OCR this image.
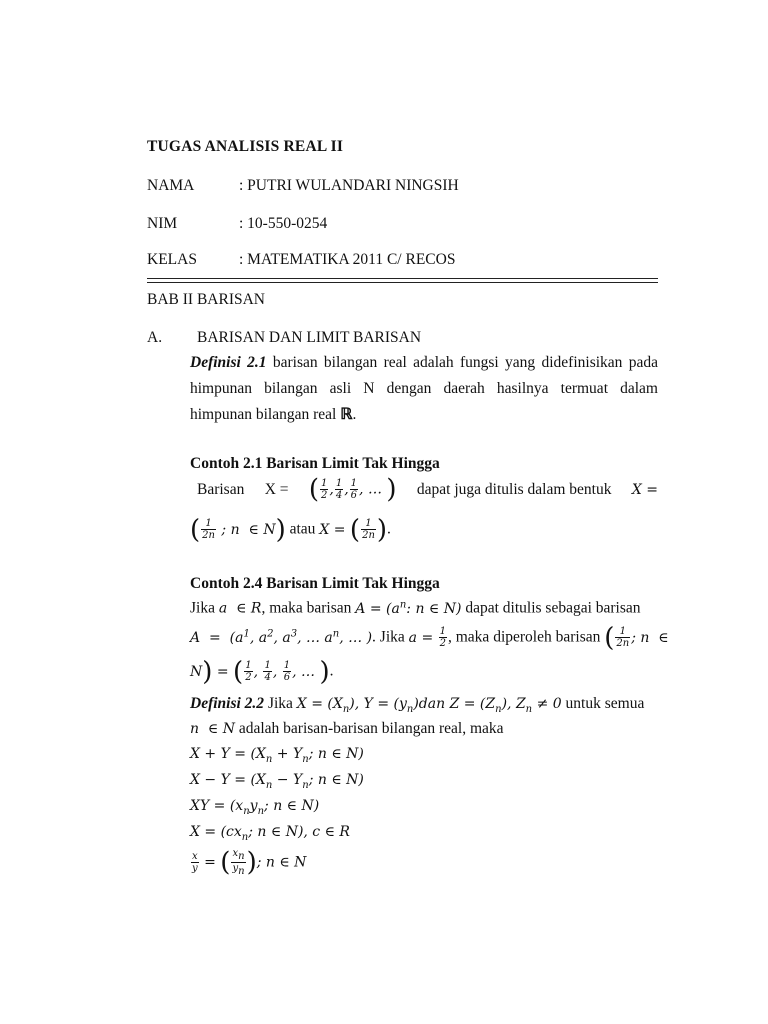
TUGAS ANALISIS REAL II
NAMA	: PUTRI WULANDARI NINGSIH
NIM	: 10-550-0254
KELAS	: MATEMATIKA 2011 C/ RECOS
BAB II BARISAN
A. BARISAN DAN LIMIT BARISAN
Definisi 2.1 barisan bilangan real adalah fungsi yang didefinisikan pada
himpunan bilangan asli N dengan daerah hasilnya termuat dalam
himpunan bilangan real ℝ.
Contoh 2.1 Barisan Limit Tak Hingga
Barisan X = ( $\frac{1}{2}$ , $\frac{1}{4}$ , $\frac{1}{6}$ , … ) dapat juga ditulis dalam bentuk X =
( $\frac{1}{2n}$ ; n  ∈ N) atau X = ( $\frac{1}{2n}$ ).
Contoh 2.4 Barisan Limit Tak Hingga
Jika a  ∈ R, maka barisan $A = (a^n$: n ∈ N) dapat ditulis sebagai barisan
$A = (a^1$, $a^2$, $a^3$, … $a^n$, … ). Jika $a = \frac{1}{2}$ , maka diperoleh barisan ( $\frac{1}{2n}$ ; n  ∈
N) = ( $\frac{1}{2}$ , $\frac{1}{4}$ , $\frac{1}{6}$ , … ).
Definisi 2.2 Jika $X = (X_n)$, $Y = (y_n)dan$ $Z = (Z_n)$, $Z_n \ne 0$ untuk semua
n  ∈ N adalah barisan-barisan bilangan real, maka
$X + Y = (X_n + Y_n$; n ∈ N)
$X - Y = (X_n - Y_n$; n ∈ N)
XY = ($x_ny_n$; n ∈ N)
$X = (cx_n$; n ∈ N), c ∈ R
$\frac{x}{y}$ = ( $\frac{x_n}{y_n}$ ); n ∈ N
